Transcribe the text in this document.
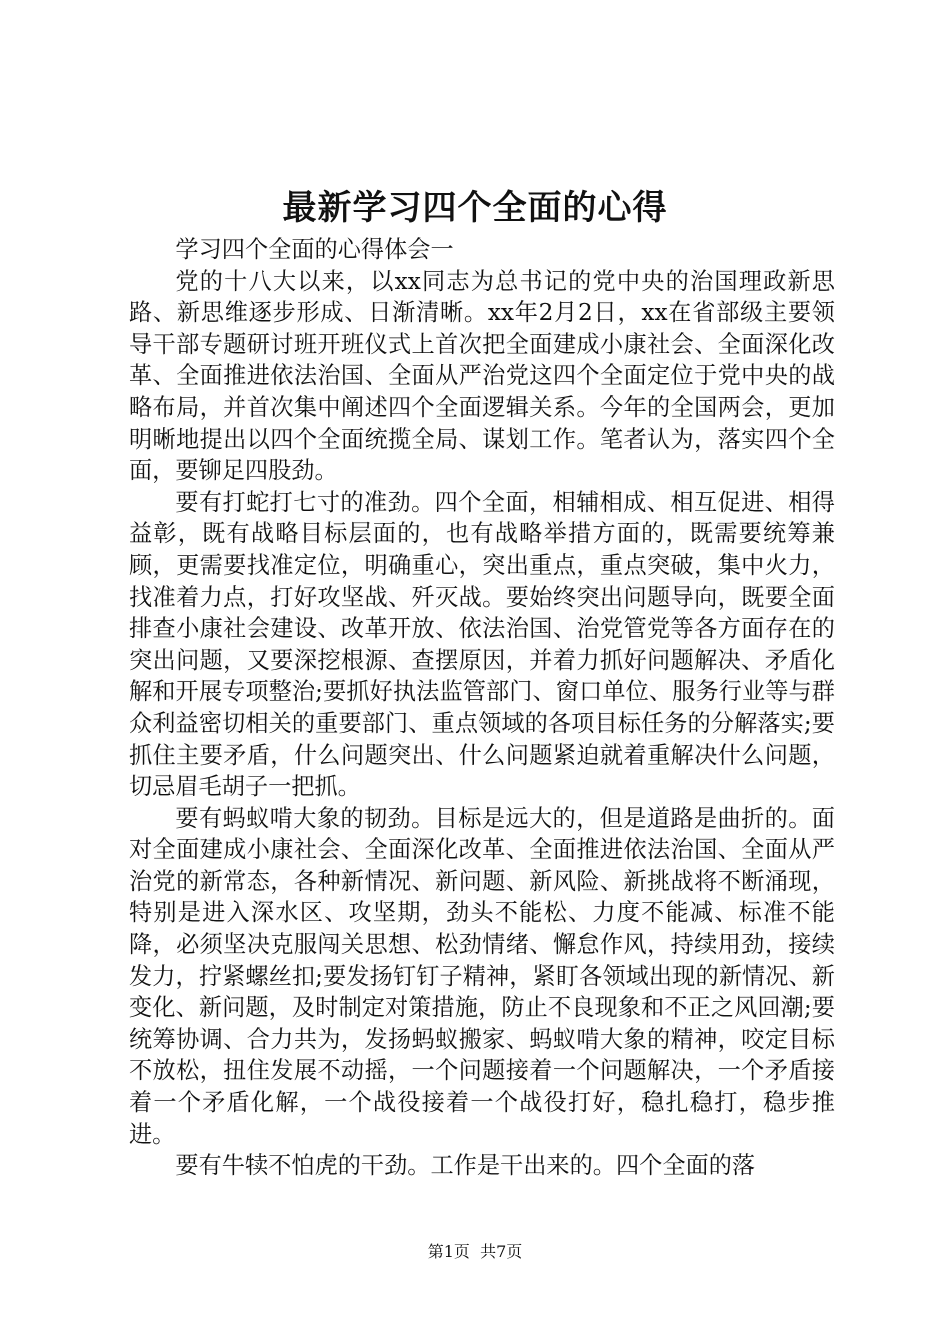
最新学习四个全面的心得

学习四个全面的心得体会一

党的十八大以来，以xx同志为总书记的党中央的治国理政新思路、新思维逐步形成、日渐清晰。xx年2月2日，xx在省部级主要领导干部专题研讨班开班仪式上首次把全面建成小康社会、全面深化改革、全面推进依法治国、全面从严治党这四个全面定位于党中央的战略布局，并首次集中阐述四个全面逻辑关系。今年的全国两会，更加明晰地提出以四个全面统揽全局、谋划工作。笔者认为，落实四个全面，要铆足四股劲。

要有打蛇打七寸的准劲。四个全面，相辅相成、相互促进、相得益彰，既有战略目标层面的，也有战略举措方面的，既需要统筹兼顾，更需要找准定位，明确重心，突出重点，重点突破，集中火力，找准着力点，打好攻坚战、歼灭战。要始终突出问题导向，既要全面排查小康社会建设、改革开放、依法治国、治党管党等各方面存在的突出问题，又要深挖根源、查摆原因，并着力抓好问题解决、矛盾化解和开展专项整治;要抓好执法监管部门、窗口单位、服务行业等与群众利益密切相关的重要部门、重点领域的各项目标任务的分解落实;要抓住主要矛盾，什么问题突出、什么问题紧迫就着重解决什么问题，切忌眉毛胡子一把抓。

要有蚂蚁啃大象的韧劲。目标是远大的，但是道路是曲折的。面对全面建成小康社会、全面深化改革、全面推进依法治国、全面从严治党的新常态，各种新情况、新问题、新风险、新挑战将不断涌现，特别是进入深水区、攻坚期，劲头不能松、力度不能减、标准不能降，必须坚决克服闯关思想、松劲情绪、懈怠作风，持续用劲，接续发力，拧紧螺丝扣;要发扬钉钉子精神，紧盯各领域出现的新情况、新变化、新问题，及时制定对策措施，防止不良现象和不正之风回潮;要统筹协调、合力共为，发扬蚂蚁搬家、蚂蚁啃大象的精神，咬定目标不放松，扭住发展不动摇，一个问题接着一个问题解决，一个矛盾接着一个矛盾化解，一个战役接着一个战役打好，稳扎稳打，稳步推进。

要有牛犊不怕虎的干劲。工作是干出来的。四个全面的落

第1页 共7页
